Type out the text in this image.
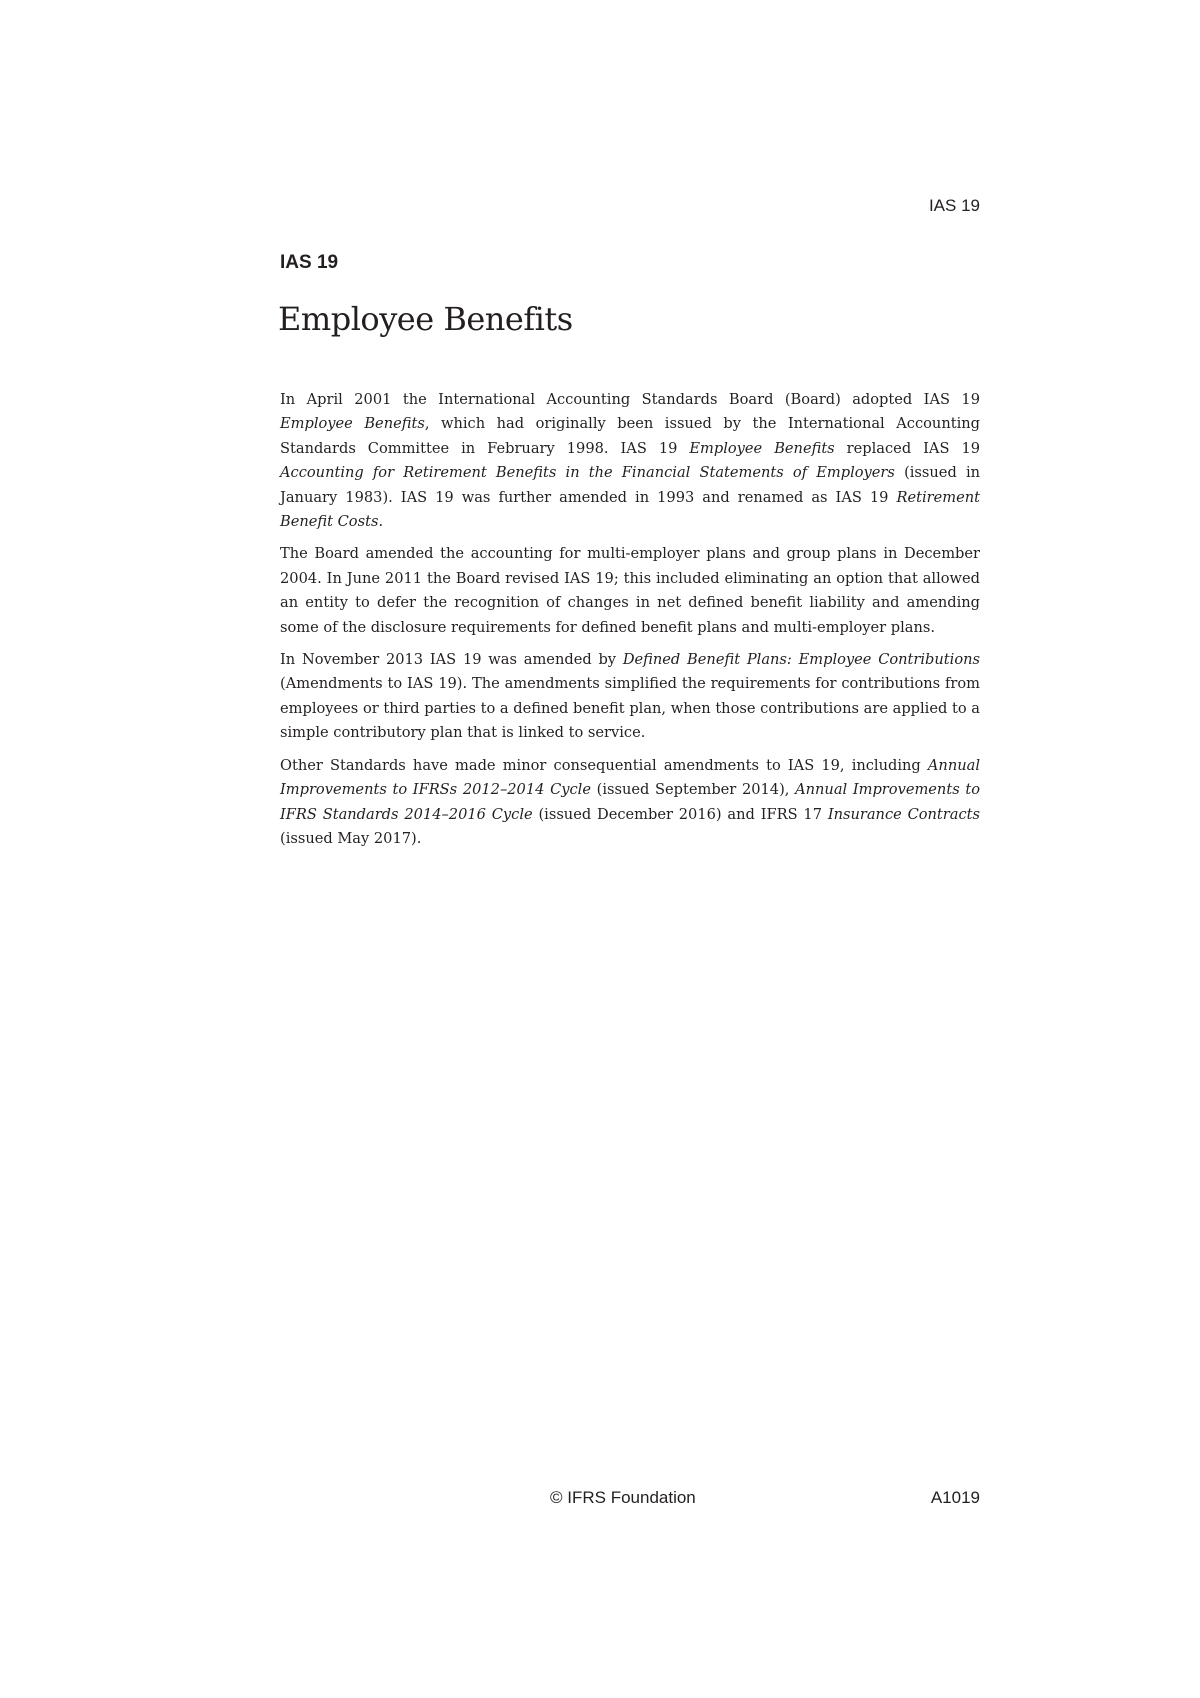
IAS 19
IAS 19
Employee Benefits

In April 2001 the International Accounting Standards Board (Board) adopted IAS 19 Employee Benefits, which had originally been issued by the International Accounting Standards Committee in February 1998. IAS 19 Employee Benefits replaced IAS 19 Accounting for Retirement Benefits in the Financial Statements of Employers (issued in January 1983). IAS 19 was further amended in 1993 and renamed as IAS 19 Retirement Benefit Costs.

The Board amended the accounting for multi-employer plans and group plans in December 2004. In June 2011 the Board revised IAS 19; this included eliminating an option that allowed an entity to defer the recognition of changes in net defined benefit liability and amending some of the disclosure requirements for defined benefit plans and multi-employer plans.

In November 2013 IAS 19 was amended by Defined Benefit Plans: Employee Contributions (Amendments to IAS 19). The amendments simplified the requirements for contributions from employees or third parties to a defined benefit plan, when those contributions are applied to a simple contributory plan that is linked to service.

Other Standards have made minor consequential amendments to IAS 19, including Annual Improvements to IFRSs 2012–2014 Cycle (issued September 2014), Annual Improvements to IFRS Standards 2014–2016 Cycle (issued December 2016) and IFRS 17 Insurance Contracts (issued May 2017).

© IFRS Foundation	A1019
